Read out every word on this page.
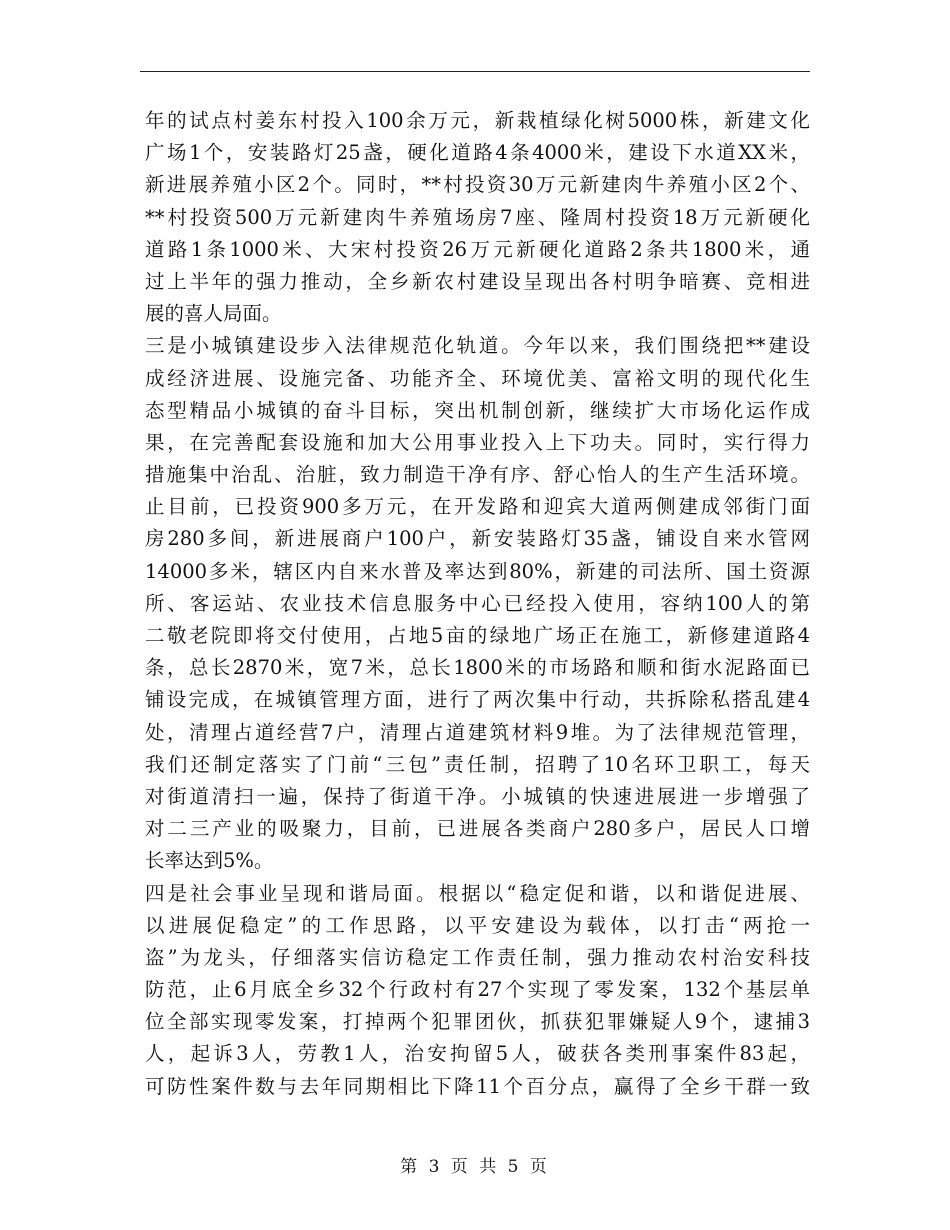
年的试点村姜东村投入100余万元，新栽植绿化树5000株，新建文化
广场1个，安装路灯25盏，硬化道路4条4000米，建设下水道XX米，
新进展养殖小区2个。同时，**村投资30万元新建肉牛养殖小区2个、
**村投资500万元新建肉牛养殖场房7座、隆周村投资18万元新硬化
道路1条1000米、大宋村投资26万元新硬化道路2条共1800米，通
过上半年的强力推动，全乡新农村建设呈现出各村明争暗赛、竞相进
展的喜人局面。
三是小城镇建设步入法律规范化轨道。今年以来，我们围绕把**建设
成经济进展、设施完备、功能齐全、环境优美、富裕文明的现代化生
态型精品小城镇的奋斗目标，突出机制创新，继续扩大市场化运作成
果，在完善配套设施和加大公用事业投入上下功夫。同时，实行得力
措施集中治乱、治脏，致力制造干净有序、舒心怡人的生产生活环境。
止目前，已投资900多万元，在开发路和迎宾大道两侧建成邻街门面
房280多间，新进展商户100户，新安装路灯35盏，铺设自来水管网
14000多米，辖区内自来水普及率达到80%，新建的司法所、国土资源
所、客运站、农业技术信息服务中心已经投入使用，容纳100人的第
二敬老院即将交付使用，占地5亩的绿地广场正在施工，新修建道路4
条，总长2870米，宽7米，总长1800米的市场路和顺和街水泥路面已
铺设完成，在城镇管理方面，进行了两次集中行动，共拆除私搭乱建4
处，清理占道经营7户，清理占道建筑材料9堆。为了法律规范管理，
我们还制定落实了门前“三包”责任制，招聘了10名环卫职工，每天
对街道清扫一遍，保持了街道干净。小城镇的快速进展进一步增强了
对二三产业的吸聚力，目前，已进展各类商户280多户，居民人口增
长率达到5%。
四是社会事业呈现和谐局面。根据以“稳定促和谐，以和谐促进展、
以进展促稳定”的工作思路，以平安建设为载体，以打击“两抢一
盗”为龙头，仔细落实信访稳定工作责任制，强力推动农村治安科技
防范，止6月底全乡32个行政村有27个实现了零发案，132个基层单
位全部实现零发案，打掉两个犯罪团伙，抓获犯罪嫌疑人9个，逮捕3
人，起诉3人，劳教1人，治安拘留5人，破获各类刑事案件83起，
可防性案件数与去年同期相比下降11个百分点，赢得了全乡干群一致
第 3 页 共 5 页
